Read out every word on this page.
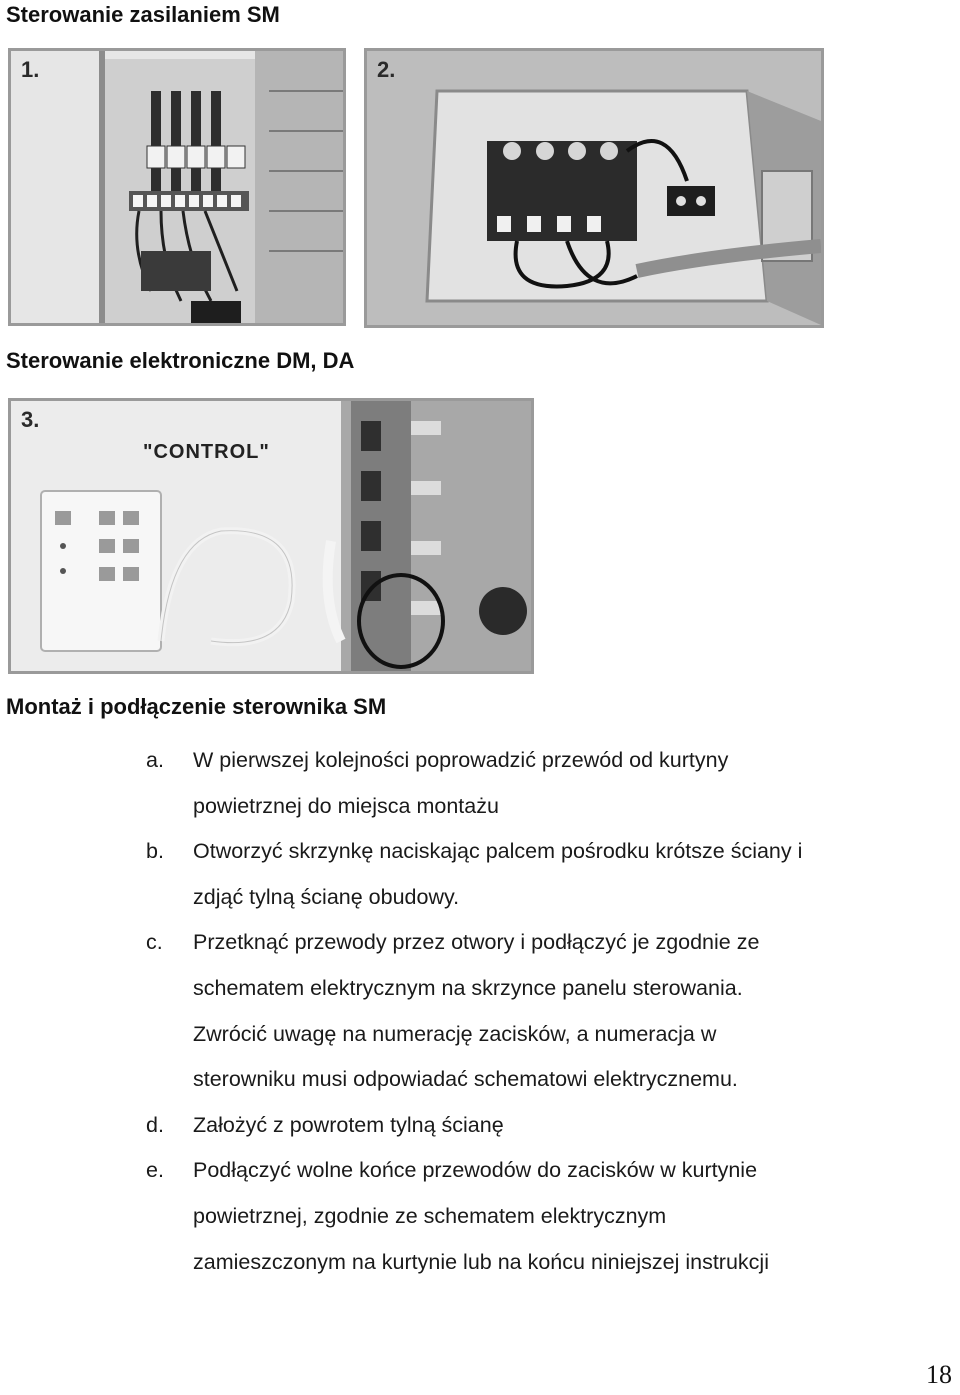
Sterowanie zasilaniem SM
1.	2.
Sterowanie elektroniczne DM, DA
3.
"CONTROL"
Montaż i podłączenie sterownika SM
a. W pierwszej kolejności poprowadzić przewód od kurtyny
powietrznej do miejsca montażu
b. Otworzyć skrzynkę naciskając palcem pośrodku krótsze ściany i
zdjąć tylną ścianę obudowy.
c. Przetknąć przewody przez otwory i podłączyć je zgodnie ze
schematem elektrycznym na skrzynce panelu sterowania.
Zwrócić uwagę na numerację zacisków, a numeracja w
sterowniku musi odpowiadać schematowi elektrycznemu.
d. Założyć z powrotem tylną ścianę
e. Podłączyć wolne końce przewodów do zacisków w kurtynie
powietrznej, zgodnie ze schematem elektrycznym
zamieszczonym na kurtynie lub na końcu niniejszej instrukcji
18
